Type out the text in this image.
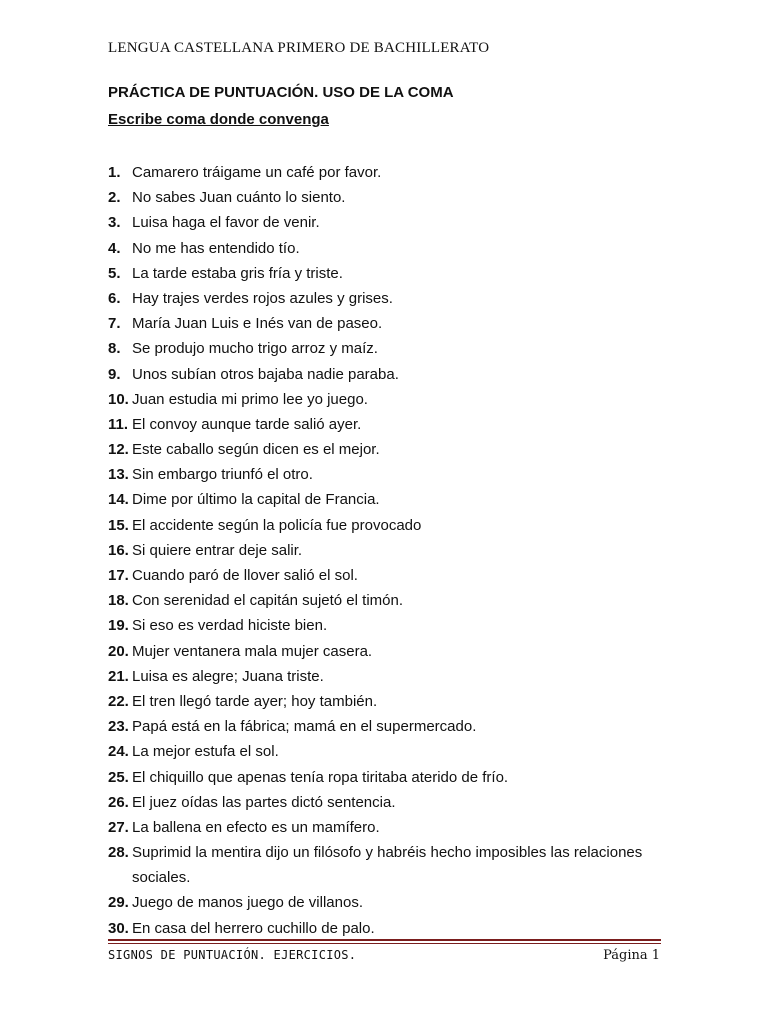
LENGUA CASTELLANA PRIMERO DE BACHILLERATO
PRÁCTICA DE PUNTUACIÓN. USO DE LA COMA
Escribe coma donde convenga
1. Camarero tráigame un café por favor.
2. No sabes Juan cuánto lo siento.
3. Luisa haga el favor de venir.
4. No me has entendido tío.
5. La tarde estaba gris fría y triste.
6. Hay trajes verdes rojos azules y grises.
7. María Juan Luis e Inés van de paseo.
8. Se produjo mucho trigo arroz y maíz.
9. Unos subían otros bajaba nadie paraba.
10. Juan estudia mi primo lee yo juego.
11. El convoy aunque tarde salió ayer.
12. Este caballo según dicen es el mejor.
13. Sin embargo triunfó el otro.
14. Dime por último la capital de Francia.
15. El accidente según la policía fue provocado
16. Si quiere entrar deje salir.
17. Cuando paró de llover salió el sol.
18. Con serenidad el capitán sujetó el timón.
19. Si eso es verdad hiciste bien.
20. Mujer ventanera mala mujer casera.
21. Luisa es alegre; Juana triste.
22. El tren llegó tarde ayer; hoy también.
23. Papá está en la fábrica; mamá en el supermercado.
24. La mejor estufa el sol.
25. El chiquillo que apenas tenía ropa tiritaba aterido de frío.
26. El juez oídas las partes dictó sentencia.
27. La ballena en efecto es un mamífero.
28. Suprimid la mentira dijo un filósofo y habréis hecho imposibles las relaciones sociales.
29. Juego de manos juego de villanos.
30. En casa del herrero cuchillo de palo.
SIGNOS DE PUNTUACIÓN. EJERCICIOS.	Página 1
